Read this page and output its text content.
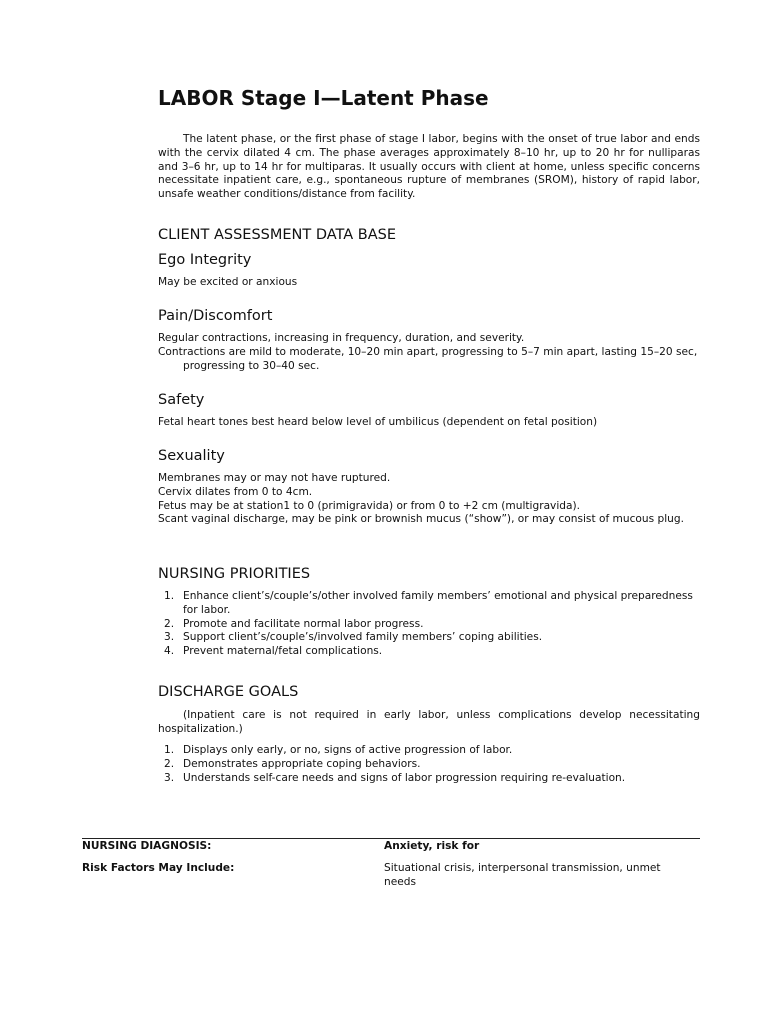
LABOR Stage I—Latent Phase

The latent phase, or the first phase of stage I labor, begins with the onset of true labor and ends with the cervix dilated 4 cm. The phase averages approximately 8–10 hr, up to 20 hr for nulliparas and 3–6 hr, up to 14 hr for multiparas. It usually occurs with client at home, unless specific concerns necessitate inpatient care, e.g., spontaneous rupture of membranes (SROM), history of rapid labor, unsafe weather conditions/distance from facility.

CLIENT ASSESSMENT DATA BASE
Ego Integrity
May be excited or anxious
Pain/Discomfort
Regular contractions, increasing in frequency, duration, and severity.
Contractions are mild to moderate, 10–20 min apart, progressing to 5–7 min apart, lasting 15–20 sec, progressing to 30–40 sec.
Safety
Fetal heart tones best heard below level of umbilicus (dependent on fetal position)
Sexuality
Membranes may or may not have ruptured.
Cervix dilates from 0 to 4cm.
Fetus may be at station1 to 0 (primigravida) or from 0 to +2 cm (multigravida).
Scant vaginal discharge, may be pink or brownish mucus (“show”), or may consist of mucous plug.
NURSING PRIORITIES
1. Enhance client’s/couple’s/other involved family members’ emotional and physical preparedness for labor.
2. Promote and facilitate normal labor progress.
3. Support client’s/couple’s/involved family members’ coping abilities.
4. Prevent maternal/fetal complications.
DISCHARGE GOALS
(Inpatient care is not required in early labor, unless complications develop necessitating hospitalization.)
1. Displays only early, or no, signs of active progression of labor.
2. Demonstrates appropriate coping behaviors.
3. Understands self-care needs and signs of labor progression requiring re-evaluation.
NURSING DIAGNOSIS:	Anxiety, risk for
Risk Factors May Include:	Situational crisis, interpersonal transmission, unmet needs
